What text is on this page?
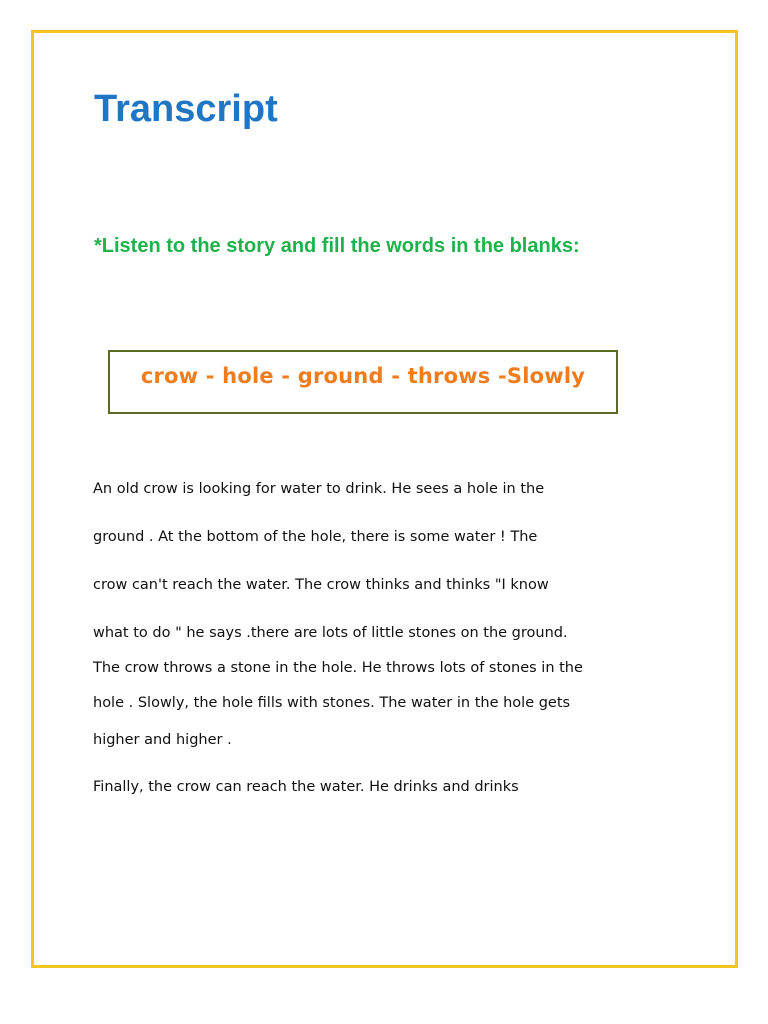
Transcript
*Listen to the story and fill the words in the blanks:
crow - hole - ground - throws -Slowly
An old crow is looking for water to drink. He sees a hole in the
ground . At the bottom of the hole, there is some water ! The
crow can't reach the water. The crow thinks and thinks "I know
what to do " he says .there are lots of little stones on the ground.
The crow throws a stone in the hole. He throws lots of stones in the
hole . Slowly, the hole fills with stones. The water in the hole gets
higher and higher .
Finally, the crow can reach the water. He drinks and drinks
